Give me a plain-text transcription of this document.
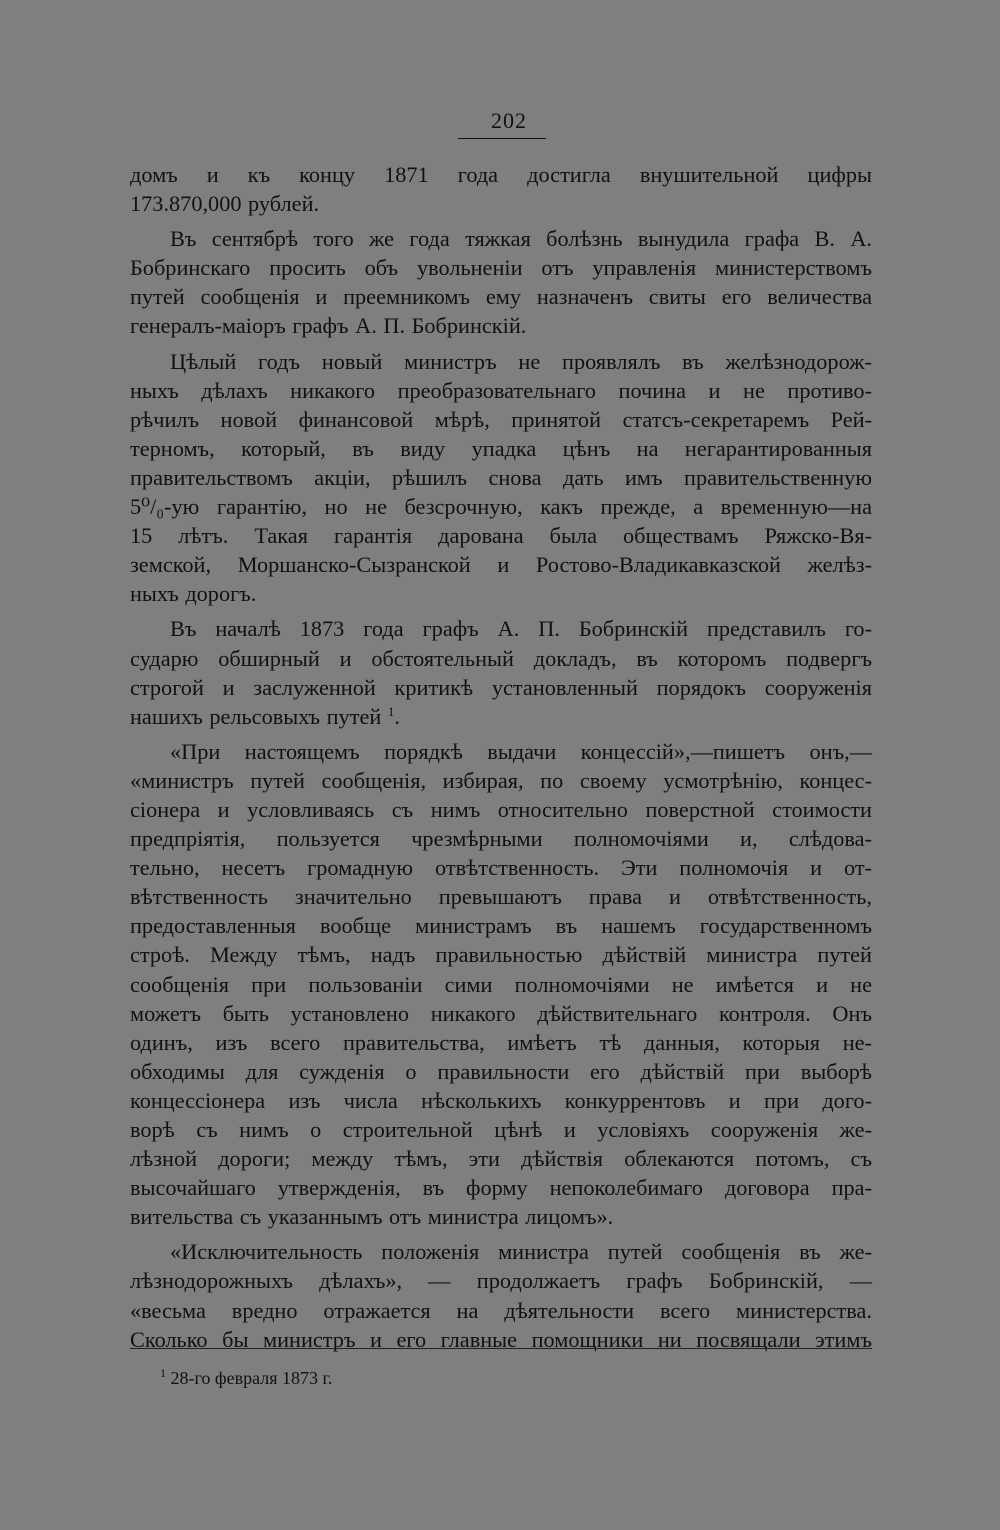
202
домъ и къ концу 1871 года достигла внушительной цифры
173.870,000 рублей.
Въ сентябрѣ того же года тяжкая болѣзнь вынудила графа В. А.
Бобринскаго просить объ увольненіи отъ управленія министерствомъ
путей сообщенія и преемникомъ ему назначенъ свиты его величества
генералъ-маіоръ графъ А. П. Бобринскій.
Цѣлый годъ новый министръ не проявлялъ въ желѣзнодорож-
ныхъ дѣлахъ никакого преобразовательнаго почина и не противо-
рѣчилъ новой финансовой мѣрѣ, принятой статсъ-секретаремъ Рей-
терномъ, который, въ виду упадка цѣнъ на негарантированныя
правительствомъ акціи, рѣшилъ снова дать имъ правительственную
5⁰/₀-ую гарантію, но не безсрочную, какъ прежде, а временную—на
15 лѣтъ. Такая гарантія дарована была обществамъ Ряжско-Вя-
земской, Моршанско-Сызранской и Ростово-Владикавказской желѣз-
ныхъ дорогъ.
Въ началѣ 1873 года графъ А. П. Бобринскій представилъ го-
сударю обширный и обстоятельный докладъ, въ которомъ подвергъ
строгой и заслуженной критикѣ установленный порядокъ сооруженія
нашихъ рельсовыхъ путей $^1$.
«При настоящемъ порядкѣ выдачи концессій»,—пишетъ онъ,—
«министръ путей сообщенія, избирая, по своему усмотрѣнію, концес-
сіонера и условливаясь съ нимъ относительно поверстной стоимости
предпріятія, пользуется чрезмѣрными полномочіями и, слѣдова-
тельно, несетъ громадную отвѣтственность. Эти полномочія и от-
вѣтственность значительно превышаютъ права и отвѣтственность,
предоставленныя вообще министрамъ въ нашемъ государственномъ
строѣ. Между тѣмъ, надъ правильностью дѣйствій министра путей
сообщенія при пользованіи сими полномочіями не имѣется и не
можетъ быть установлено никакого дѣйствительнаго контроля. Онъ
одинъ, изъ всего правительства, имѣетъ тѣ данныя, которыя не-
обходимы для сужденія о правильности его дѣйствій при выборѣ
концессіонера изъ числа нѣсколькихъ конкуррентовъ и при дого-
ворѣ съ нимъ о строительной цѣнѣ и условіяхъ сооруженія же-
лѣзной дороги; между тѣмъ, эти дѣйствія облекаются потомъ, съ
высочайшаго утвержденія, въ форму непоколебимаго договора пра-
вительства съ указаннымъ отъ министра лицомъ».
«Исключительность положенія министра путей сообщенія въ же-
лѣзнодорожныхъ дѣлахъ», — продолжаетъ графъ Бобринскій, —
«весьма вредно отражается на дѣятельности всего министерства.
Сколько бы министръ и его главные помощники ни посвящали этимъ
$^1$ 28-го февраля 1873 г.
